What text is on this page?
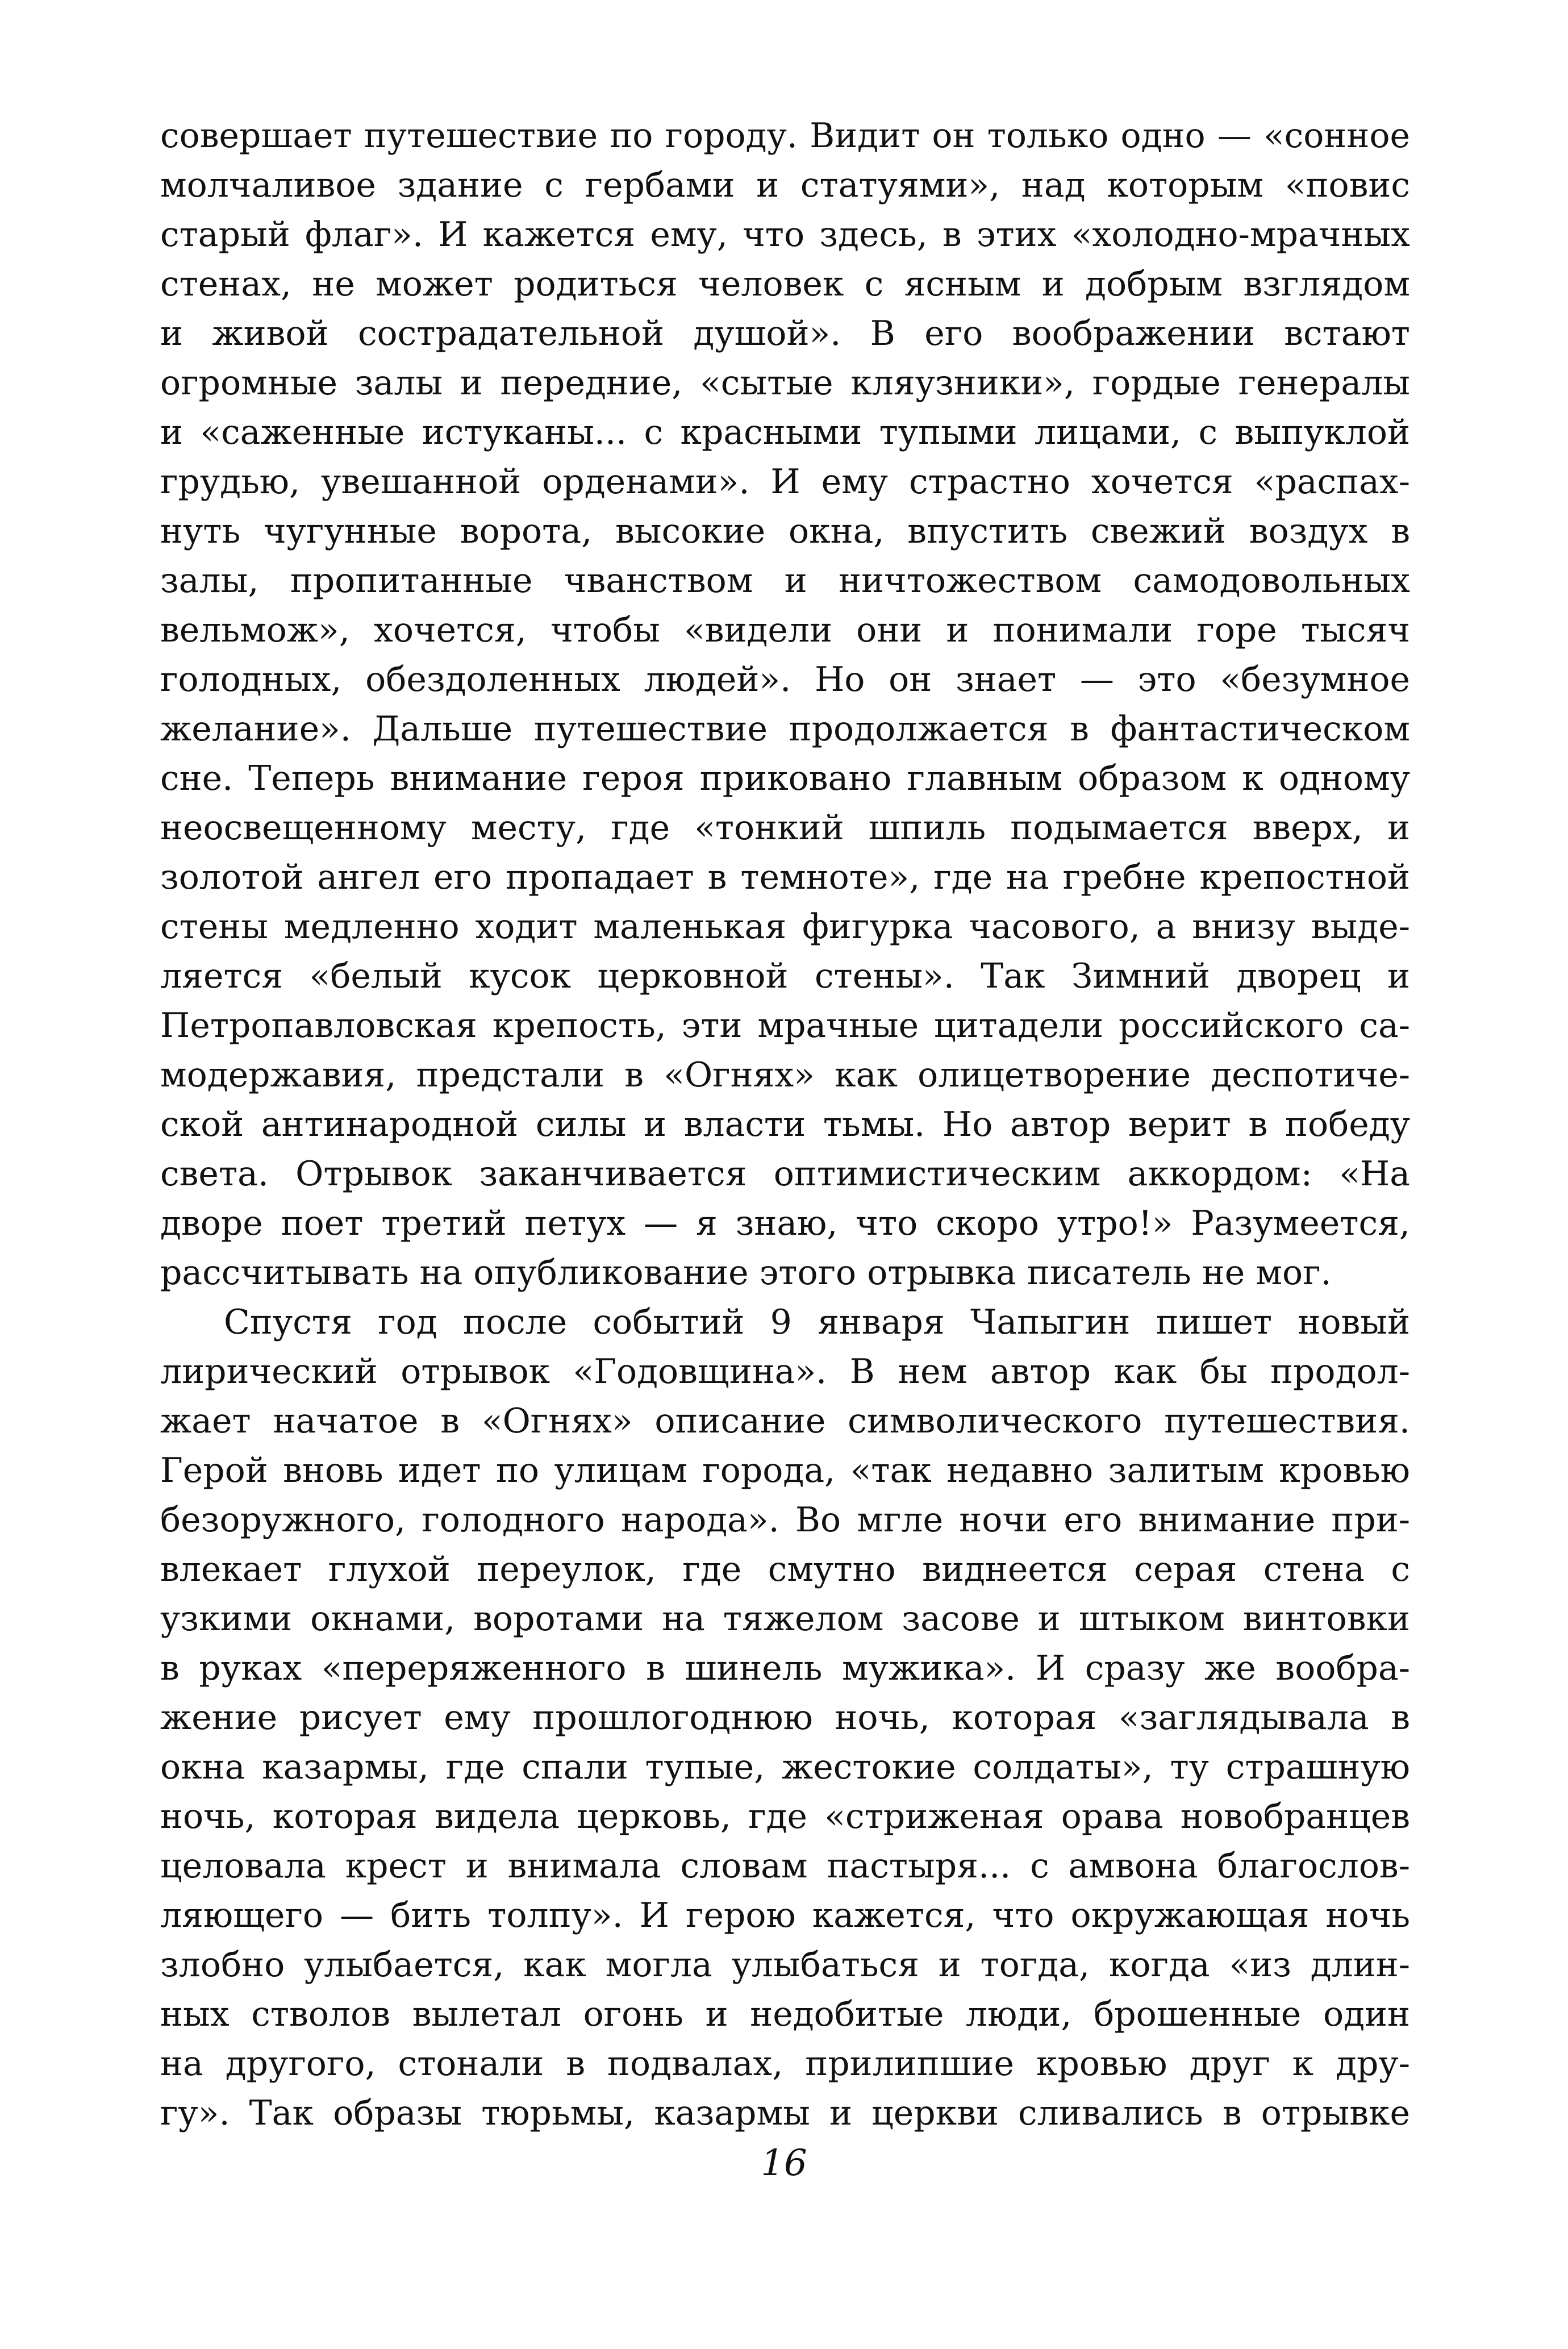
совершает путешествие по городу. Видит он только одно — «сонное
молчаливое здание с гербами и статуями», над которым «повис
старый флаг». И кажется ему, что здесь, в этих «холодно-мрачных
стенах, не может родиться человек с ясным и добрым взглядом
и живой сострадательной душой». В его воображении встают
огромные залы и передние, «сытые кляузники», гордые генералы
и «саженные истуканы... с красными тупыми лицами, с выпуклой
грудью, увешанной орденами». И ему страстно хочется «распах-
нуть чугунные ворота, высокие окна, впустить свежий воздух в
залы, пропитанные чванством и ничтожеством самодовольных
вельмож», хочется, чтобы «видели они и понимали горе тысяч
голодных, обездоленных людей». Но он знает — это «безумное
желание». Дальше путешествие продолжается в фантастическом
сне. Теперь внимание героя приковано главным образом к одному
неосвещенному месту, где «тонкий шпиль подымается вверх, и
золотой ангел его пропадает в темноте», где на гребне крепостной
стены медленно ходит маленькая фигурка часового, а внизу выде-
ляется «белый кусок церковной стены». Так Зимний дворец и
Петропавловская крепость, эти мрачные цитадели российского са-
модержавия, предстали в «Огнях» как олицетворение деспотиче-
ской антинародной силы и власти тьмы. Но автор верит в победу
света. Отрывок заканчивается оптимистическим аккордом: «На
дворе поет третий петух — я знаю, что скоро утро!» Разумеется,
рассчитывать на опубликование этого отрывка писатель не мог.
Спустя год после событий 9 января Чапыгин пишет новый
лирический отрывок «Годовщина». В нем автор как бы продол-
жает начатое в «Огнях» описание символического путешествия.
Герой вновь идет по улицам города, «так недавно залитым кровью
безоружного, голодного народа». Во мгле ночи его внимание при-
влекает глухой переулок, где смутно виднеется серая стена с
узкими окнами, воротами на тяжелом засове и штыком винтовки
в руках «переряженного в шинель мужика». И сразу же вообра-
жение рисует ему прошлогоднюю ночь, которая «заглядывала в
окна казармы, где спали тупые, жестокие солдаты», ту страшную
ночь, которая видела церковь, где «стриженая орава новобранцев
целовала крест и внимала словам пастыря... с амвона благослов-
ляющего — бить толпу». И герою кажется, что окружающая ночь
злобно улыбается, как могла улыбаться и тогда, когда «из длин-
ных стволов вылетал огонь и недобитые люди, брошенные один
на другого, стонали в подвалах, прилипшие кровью друг к дру-
гу». Так образы тюрьмы, казармы и церкви сливались в отрывке
16
